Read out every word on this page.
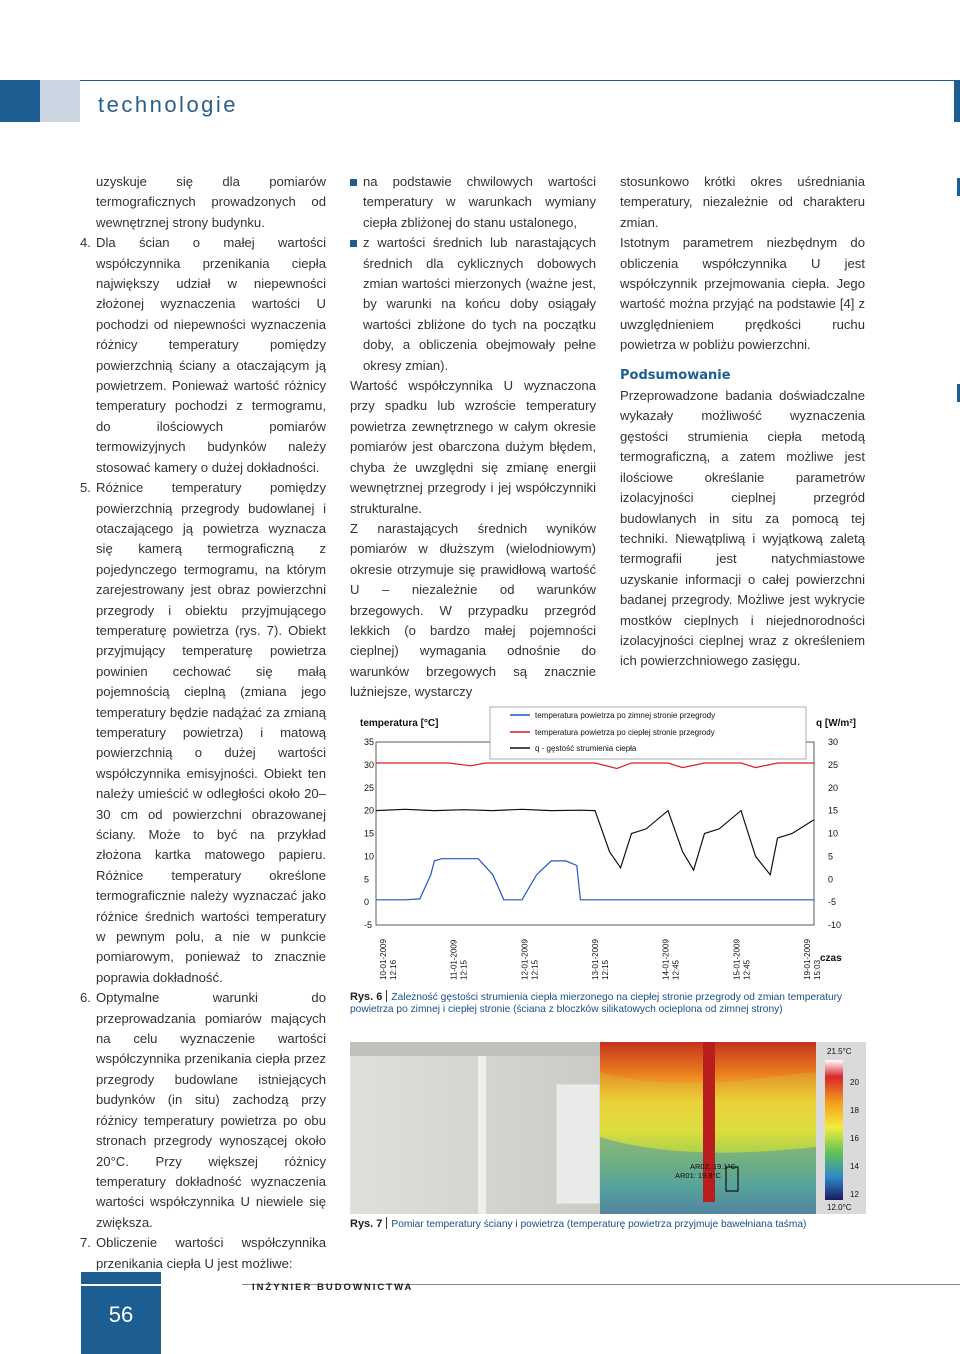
technologie

uzyskuje się dla pomiarów termograficznych prowadzonych od wewnętrznej strony budynku.

4. Dla ścian o małej wartości współczynnika przenikania ciepła największy udział w niepewności złożonej wyznaczenia wartości U pochodzi od niepewności wyznaczenia różnicy temperatury pomiędzy powierzchnią ściany a otaczającym ją powietrzem. Ponieważ wartość różnicy temperatury pochodzi z termogramu, do ilościowych pomiarów termowizyjnych budynków należy stosować kamery o dużej dokładności.

5. Różnice temperatury pomiędzy powierzchnią przegrody budowlanej i otaczającego ją powietrza wyznacza się kamerą termograficzną z pojedynczego termogramu, na którym zarejestrowany jest obraz powierzchni przegrody i obiektu przyjmującego temperaturę powietrza (rys. 7). Obiekt przyjmujący temperaturę powietrza powinien cechować się małą pojemnością cieplną (zmiana jego temperatury będzie nadążać za zmianą temperatury powietrza) i matową powierzchnią o dużej wartości współczynnika emisyjności. Obiekt ten należy umieścić w odległości około 20–30 cm od powierzchni obrazowanej ściany. Może to być na przykład złożona kartka matowego papieru. Różnice temperatury określone termograficznie należy wyznaczać jako różnice średnich wartości temperatury w pewnym polu, a nie w punkcie pomiarowym, ponieważ to znacznie poprawia dokładność.

6. Optymalne warunki do przeprowadzania pomiarów mających na celu wyznaczenie wartości współczynnika przenikania ciepła przez przegrody budowlane istniejących budynków (in situ) zachodzą przy różnicy temperatury powietrza po obu stronach przegrody wynoszącej około 20°C. Przy większej różnicy temperatury dokładność wyznaczenia wartości współczynnika U niewiele się zwiększa.

7. Obliczenie wartości współczynnika przenikania ciepła U jest możliwe:

na podstawie chwilowych wartości temperatury w warunkach wymiany ciepła zbliżonej do stanu ustalonego,

z wartości średnich lub narastających średnich dla cyklicznych dobowych zmian wartości mierzonych (ważne jest, by warunki na końcu doby osiągały wartości zbliżone do tych na początku doby, a obliczenia obejmowały pełne okresy zmian).

Wartość współczynnika U wyznaczona przy spadku lub wzroście temperatury powietrza zewnętrznego w całym okresie pomiarów jest obarczona dużym błędem, chyba że uwzględni się zmianę energii wewnętrznej przegrody i jej współczynniki strukturalne.

Z narastających średnich wyników pomiarów w dłuższym (wielodniowym) okresie otrzymuje się prawidłową wartość U – niezależnie od warunków brzegowych. W przypadku przegród lekkich (o bardzo małej pojemności cieplnej) wymagania odnośnie do warunków brzegowych są znacznie luźniejsze, wystarczy

stosunkowo krótki okres uśredniania temperatury, niezależnie od charakteru zmian.

Istotnym parametrem niezbędnym do obliczenia współczynnika U jest współczynnik przejmowania ciepła. Jego wartość można przyjąć na podstawie [4] z uwzględnieniem prędkości ruchu powietrza w pobliżu powierzchni.

Podsumowanie

Przeprowadzone badania doświadczalne wykazały możliwość wyznaczenia gęstości strumienia ciepła metodą termograficzną, a zatem możliwe jest ilościowe określanie parametrów izolacyjności cieplnej przegród budowlanych in situ za pomocą tej techniki. Niewątpliwą i wyjątkową zaletą termografii jest natychmiastowe uzyskanie informacji o całej powierzchni badanej przegrody. Możliwe jest wykrycie mostków cieplnych i niejednorodności izolacyjności cieplnej wraz z określeniem ich powierzchniowego zasięgu.

temperatura [°C]	q [W/m²]
czas
35
30
25
20
15
10
5
0
-5
30
25
20
15
10
5
0
-5
-10
10-01-2009 12:16	11-01-2009 12:15	12-01-2009 12:15	13-01-2009 12:15	14-01-2009 12:45	15-01-2009 12:45	19-01-2009 15:03
temperatura powietrza po zimnej stronie przegrody
temperatura powietrza po ciepłej stronie przegrody
q - gęstość strumienia ciepła
Rys. 6 Zależność gęstości strumienia ciepła mierzonego na ciepłej stronie przegrody od zmian temperatury powietrza po zimnej i ciepłej stronie (ściana z bloczków silikatowych ocieplona od zimnej strony)
AR02: 19.1°C
AR01: 19.8°C
21.5°C
20
18
16
14
12
12.0°C
Rys. 7 Pomiar temperatury ściany i powietrza (temperaturę powietrza przyjmuje bawełniana taśma)
INŻYNIER BUDOWNICTWA
56
